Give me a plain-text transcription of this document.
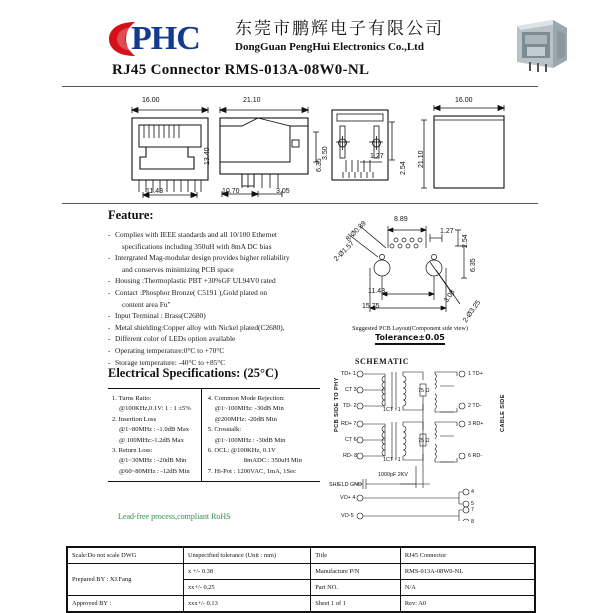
PHC 东莞市鹏辉电子有限公司
DongGuan PengHui Electronics Co.,Ltd
RJ45 Connector RMS-013A-08W0-NL
16.00
11.43
21.10
10.70	3.05
3.50
13.40
6.35
1.27
2.54
16.00
21.10
Feature:
. Complies with IEEE standards and all 10/100 Ethernet
specifications including 350uH with 8mA DC bias
. Intergrated Mag-modular design provides higher reliability
and conserves minimizing PCB space
. Housing :Thermoplastic PBT +30%GF UL94V0 rated
. Contact :Phosphor Bronze( C5191 ),Gold plated on
content area Fu"
. Input Terminal : Brass(C2680)
. Metal shielding:Copper alloy with Nickel plated(C2680),
. Different color of LEDs option available
. Operating temperature:0°C to +70°C
. Storage temperature: -40°C to +85°C
8-Ø0.89
2-Ø1.57
8.89
1.27
2.54
6.35
11.43
15.75	2-Ø3.25
3.08
Suggested PCB Layout(Component side view)
Tolerance±0.05
Electrical Specifications: (25°C)
1. Turns Ratio:
@100KHz,0.1V: 1 : 1 ±5%
2. Insertion Loss
@1~80MHz : -1.0dB Max
@ 100MHz:-1.2dB Max
3. Return Loss:
@1~30MHz : -20dB Min
@60~80MHz : -12dB Min
4. Common Mode Rejection:
@1~100MHz: -30dB Min
@200MHz: -20dB Min
5. Crosstalk:
@1~100MHz : -30dB Min
6. OCL: @100KHz, 0.1V
8mADC : 350uH Min
7. Hi-Pot : 1200VAC, 1mA, 1Sec
Lead-free process,compliant RoHS
SCHEMATIC
PCB SIDE TO PHY	CABLE SIDE
TD+ 1
CT 3
TD- 2
RD+ 7
CT 6
RD- 8
1 TD+
2 TD-
3 RD+
6 RD-
1CT : 1
1CT : 1
75 Ω
75 Ω
1000pF 2KV
SHIELD GND
VO+ 4
VO-5
4
5
7
8
Scale:Do not scale DWG	Unspecified tolerance (Unit : mm)	Title	RJ45 Connector
Prepared BY : XJ.Fang	x +/- 0.38	Manufacture P/N	RMS-013A-08W0-NL
	xx+/- 0.25	Part NO.	N/A
Approved BY :	xxx+/- 0.13	Sheet 1 of 1	Rev: A0
